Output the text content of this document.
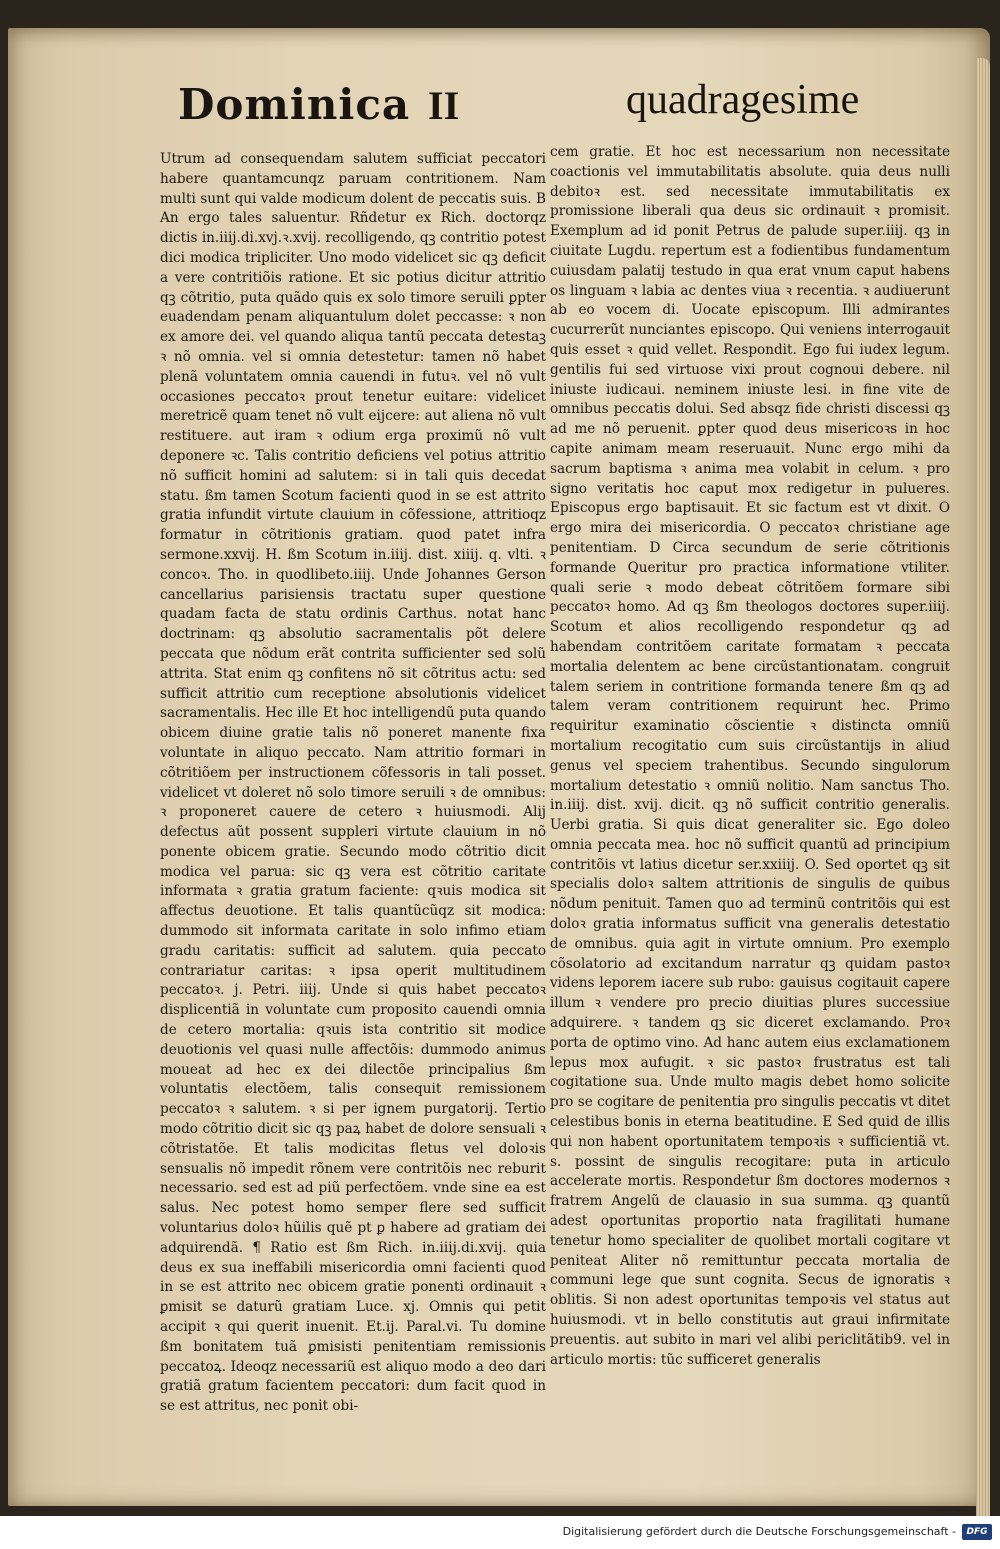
Dominica II	quadragesime

Utrum ad consequendam salutem sufficiat peccatori habere quantamcunqz paruam contritionem. Nam multi sunt qui valde modicum dolent de peccatis suis. B An ergo tales saluentur. Rñdetur ex Rich. doctorqz dictis in.iiij.di.xvj.ꝛ.xvij. recolligendo, qꝫ contritio potest dici modica tripliciter. Uno modo videlicet sic qꝫ deficit a vere contritiõis ratione. Et sic potius dicitur attritio qꝫ cõtritio, puta quãdo quis ex solo timore seruili ꝑpter euadendam penam aliquantulum dolet peccasse: ꝛ non ex amore dei. vel quando aliqua tantũ peccata detestaꝫ ꝛ nõ omnia. vel si omnia detestetur: tamen nõ habet plenã voluntatem omnia cauendi in futuꝛ. vel nõ vult occasiones peccatoꝛ prout tenetur euitare: videlicet meretricẽ quam tenet nõ vult eijcere: aut aliena nõ vult restituere. aut iram ꝛ odium erga proximũ nõ vult deponere ꝛc. Talis contritio deficiens vel potius attritio nõ sufficit homini ad salutem: si in tali quis decedat statu. ßm tamen Scotum facienti quod in se est attrito gratia infundit virtute clauium in cõfessione, attritioqz formatur in cõtritionis gratiam. quod patet infra sermone.xxvij. H. ßm Scotum in.iiij. dist. xiiij. q. vlti. ꝛ concoꝛ. Tho. in quodlibeto.iiij. Unde Johannes Gerson cancellarius parisiensis tractatu super questione quadam facta de statu ordinis Carthus. notat hanc doctrinam: qꝫ absolutio sacramentalis põt delere peccata que nõdum erãt contrita sufficienter sed solũ attrita. Stat enim qꝫ confitens nõ sit cõtritus actu: sed sufficit attritio cum receptione absolutionis videlicet sacramentalis. Hec ille Et hoc intelligendũ puta quando obicem diuine gratie talis nõ poneret manente fixa voluntate in aliquo peccato. Nam attritio formari in cõtritiõem per instructionem cõfessoris in tali posset. videlicet vt doleret nõ solo timore seruili ꝛ de omnibus: ꝛ proponeret cauere de cetero ꝛ huiusmodi. Alij defectus aũt possent suppleri virtute clauium in nõ ponente obicem gratie. Secundo modo cõtritio dicit modica vel parua: sic qꝫ vera est cõtritio caritate informata ꝛ gratia gratum faciente: qꝛuis modica sit affectus deuotione. Et talis quantũcũqz sit modica: dummodo sit informata caritate in solo infimo etiam gradu caritatis: sufficit ad salutem. quia peccato contrariatur caritas: ꝛ ipsa operit multitudinem peccatoꝛ. j. Petri. iiij. Unde si quis habet peccatoꝛ displicentiã in voluntate cum proposito cauendi omnia de cetero mortalia: qꝛuis ista contritio sit modice deuotionis vel quasi nulle affectõis: dummodo animus moueat ad hec ex dei dilectõe principalius ßm voluntatis electõem, talis consequit remissionem peccatoꝛ ꝛ salutem. ꝛ si per ignem purgatorij. Tertio modo cõtritio dicit sic qꝫ paꝝ habet de dolore sensuali ꝛ cõtristatõe. Et talis modicitas fletus vel doloꝛis sensualis nõ impedit rõnem vere contritõis nec reburit necessario. sed est ad piũ perfectõem. vnde sine ea est salus. Nec potest homo semper flere sed sufficit voluntarius doloꝛ hũilis quẽ pt ꝑ habere ad gratiam dei adquirendã. ¶ Ratio est ßm Rich. in.iiij.di.xvij. quia deus ex sua ineffabili misericordia omni facienti quod in se est attrito nec obicem gratie ponenti ordinauit ꝛ ꝑmisit se daturũ gratiam Luce. xj. Omnis qui petit accipit ꝛ qui querit inuenit. Et.ij. Paral.vi. Tu domine ßm bonitatem tuã ꝑmisisti penitentiam remissionis peccatoꝝ. Ideoqz necessariũ est aliquo modo a deo dari gratiã gratum facientem peccatori: dum facit quod in se est attritus, nec ponit obi-

cem gratie. Et hoc est necessarium non necessitate coactionis vel immutabilitatis absolute. quia deus nulli debitoꝛ est. sed necessitate immutabilitatis ex promissione liberali qua deus sic ordinauit ꝛ promisit. Exemplum ad id ponit Petrus de palude super.iiij. qꝫ in ciuitate Lugdu. repertum est a fodientibus fundamentum cuiusdam palatij testudo in qua erat vnum caput habens os linguam ꝛ labia ac dentes viua ꝛ recentia. ꝛ audiuerunt ab eo vocem di. Uocate episcopum. Illi admirantes cucurrerũt nunciantes episcopo. Qui veniens interrogauit quis esset ꝛ quid vellet. Respondit. Ego fui iudex legum. gentilis fui sed virtuose vixi prout cognoui debere. nil iniuste iudicaui. neminem iniuste lesi. in fine vite de omnibus peccatis dolui. Sed absqz fide christi discessi qꝫ ad me nõ peruenit. ꝑpter quod deus misericoꝛs in hoc capite animam meam reseruauit. Nunc ergo mihi da sacrum baptisma ꝛ anima mea volabit in celum. ꝛ pro signo veritatis hoc caput mox redigetur in pulueres. Episcopus ergo baptisauit. Et sic factum est vt dixit. O ergo mira dei misericordia. O peccatoꝛ christiane age penitentiam. D Circa secundum de serie cõtritionis formande Queritur pro practica informatione vtiliter. quali serie ꝛ modo debeat cõtritõem formare sibi peccatoꝛ homo. Ad qꝫ ßm theologos doctores super.iiij. Scotum et alios recolligendo respondetur qꝫ ad habendam contritõem caritate formatam ꝛ peccata mortalia delentem ac bene circũstantionatam. congruit talem seriem in contritione formanda tenere ßm qꝫ ad talem veram contritionem requirunt hec. Primo requiritur examinatio cõscientie ꝛ distincta omniũ mortalium recogitatio cum suis circũstantijs in aliud genus vel speciem trahentibus. Secundo singulorum mortalium detestatio ꝛ omniũ nolitio. Nam sanctus Tho. in.iiij. dist. xvij. dicit. qꝫ nõ sufficit contritio generalis. Uerbi gratia. Si quis dicat generaliter sic. Ego doleo omnia peccata mea. hoc nõ sufficit quantũ ad principium contritõis vt latius dicetur ser.xxiiij. O. Sed oportet qꝫ sit specialis doloꝛ saltem attritionis de singulis de quibus nõdum penituit. Tamen quo ad terminũ contritõis qui est doloꝛ gratia informatus sufficit vna generalis detestatio de omnibus. quia agit in virtute omnium. Pro exemplo cõsolatorio ad excitandum narratur qꝫ quidam pastoꝛ videns leporem iacere sub rubo: gauisus cogitauit capere illum ꝛ vendere pro precio diuitias plures successiue adquirere. ꝛ tandem qꝫ sic diceret exclamando. Proꝛ porta de optimo vino. Ad hanc autem eius exclamationem lepus mox aufugit. ꝛ sic pastoꝛ frustratus est tali cogitatione sua. Unde multo magis debet homo solicite pro se cogitare de penitentia pro singulis peccatis vt ditet celestibus bonis in eterna beatitudine. E Sed quid de illis qui non habent oportunitatem tempoꝛis ꝛ sufficientiã vt. s. possint de singulis recogitare: puta in articulo accelerate mortis. Respondetur ßm doctores modernos ꝛ fratrem Angelũ de clauasio in sua summa. qꝫ quantũ adest oportunitas proportio nata fragilitati humane tenetur homo specialiter de quolibet mortali cogitare vt peniteat Aliter nõ remittuntur peccata mortalia de communi lege que sunt cognita. Secus de ignoratis ꝛ oblitis. Si non adest oportunitas tempoꝛis vel status aut huiusmodi. vt in bello constitutis aut graui infirmitate preuentis. aut subito in mari vel alibi periclitãtib9. vel in articulo mortis: tũc sufficeret generalis

Digitalisierung gefördert durch die Deutsche Forschungsgemeinschaft -	DFG
